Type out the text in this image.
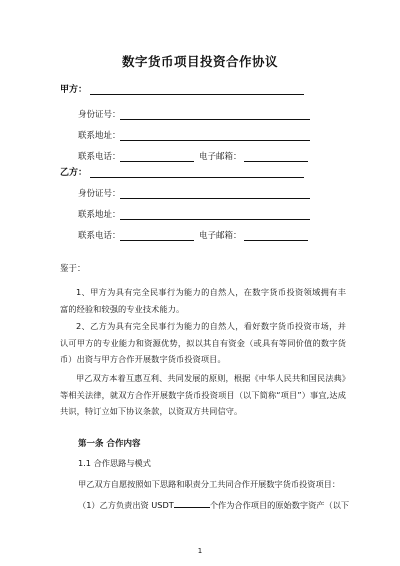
数字货币项目投资合作协议
甲方：
身份证号：
联系地址：
联系电话：	电子邮箱：
乙方：
身份证号：
联系地址：
联系电话：	电子邮箱：
鉴于：
1、甲方为具有完全民事行为能力的自然人，在数字货币投资领域拥有丰富的经验和较强的专业技术能力。
2、乙方为具有完全民事行为能力的自然人，看好数字货币投资市场，并认可甲方的专业能力和资源优势，拟以其自有资金（或具有等同价值的数字货币）出资与甲方合作开展数字货币投资项目。
甲乙双方本着互惠互利、共同发展的原则，根据《中华人民共和国民法典》等相关法律，就双方合作开展数字货币投资项目（以下简称“项目”）事宜,达成共识，特订立如下协议条款，以资双方共同信守。
第一条 合作内容
1.1 合作思路与模式
甲乙双方自愿按照如下思路和职责分工共同合作开展数字货币投资项目：
（1）乙方负责出资 USDT	个作为合作项目的原始数字资产（以下
1
